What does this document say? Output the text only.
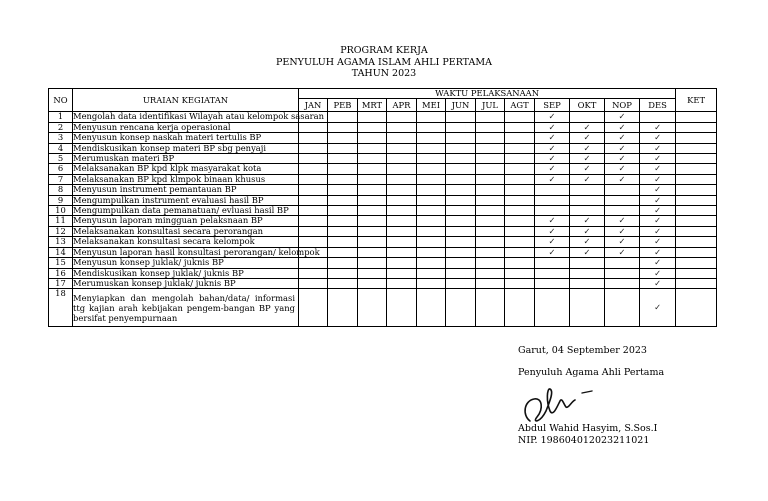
PROGRAM KERJA
PENYULUH AGAMA ISLAM AHLI PERTAMA
TAHUN 2023
NO	URAIAN KEGIATAN	WAKTU PELAKSANAAN												KET
		JAN	PEB	MRT	APR	MEI	JUN	JUL	AGT	SEP	OKT	NOP	DES	
1	Mengolah data identifikasi Wilayah atau kelompok sasaran									✓		✓		
2	Menyusun rencana kerja operasional									✓	✓	✓	✓	
3	Menyusun konsep naskah materi tertulis BP									✓	✓	✓	✓	
4	Mendiskusikan konsep materi BP sbg penyaji									✓	✓	✓	✓	
5	Merumuskan materi BP									✓	✓	✓	✓	
6	Melaksanakan BP kpd klpk masyarakat kota									✓	✓	✓	✓	
7	Melaksanakan BP kpd klmpok binaan khusus									✓	✓	✓	✓	
8	Menyusun instrument pemantauan BP												✓	
9	Mengumpulkan instrument evaluasi hasil BP												✓	
10	Mengumpulkan data pemanatuan/ evluasi hasil BP												✓	
11	Menyusun laporan mingguan pelaksnaan BP									✓	✓	✓	✓	
12	Melaksanakan konsultasi secara perorangan									✓	✓	✓	✓	
13	Melaksanakan konsultasi secara kelompok									✓	✓	✓	✓	
14	Menyusun laporan hasil konsultasi perorangan/ kelompok									✓	✓	✓	✓	
15	Menyusun konsep juklak/ juknis BP												✓	
16	Mendiskusikan konsep juklak/ juknis BP												✓	
17	Merumuskan konsep juklak/ juknis BP												✓	
18	Menyiapkan dan mengolah bahan/data/ informasi ttg kajian arah kebijakan pengem-bangan BP yang bersifat penyempurnaan												✓	
Garut, 04 September 2023
Penyuluh Agama Ahli Pertama
Abdul Wahid Hasyim, S.Sos.I
NIP. 198604012023211021
